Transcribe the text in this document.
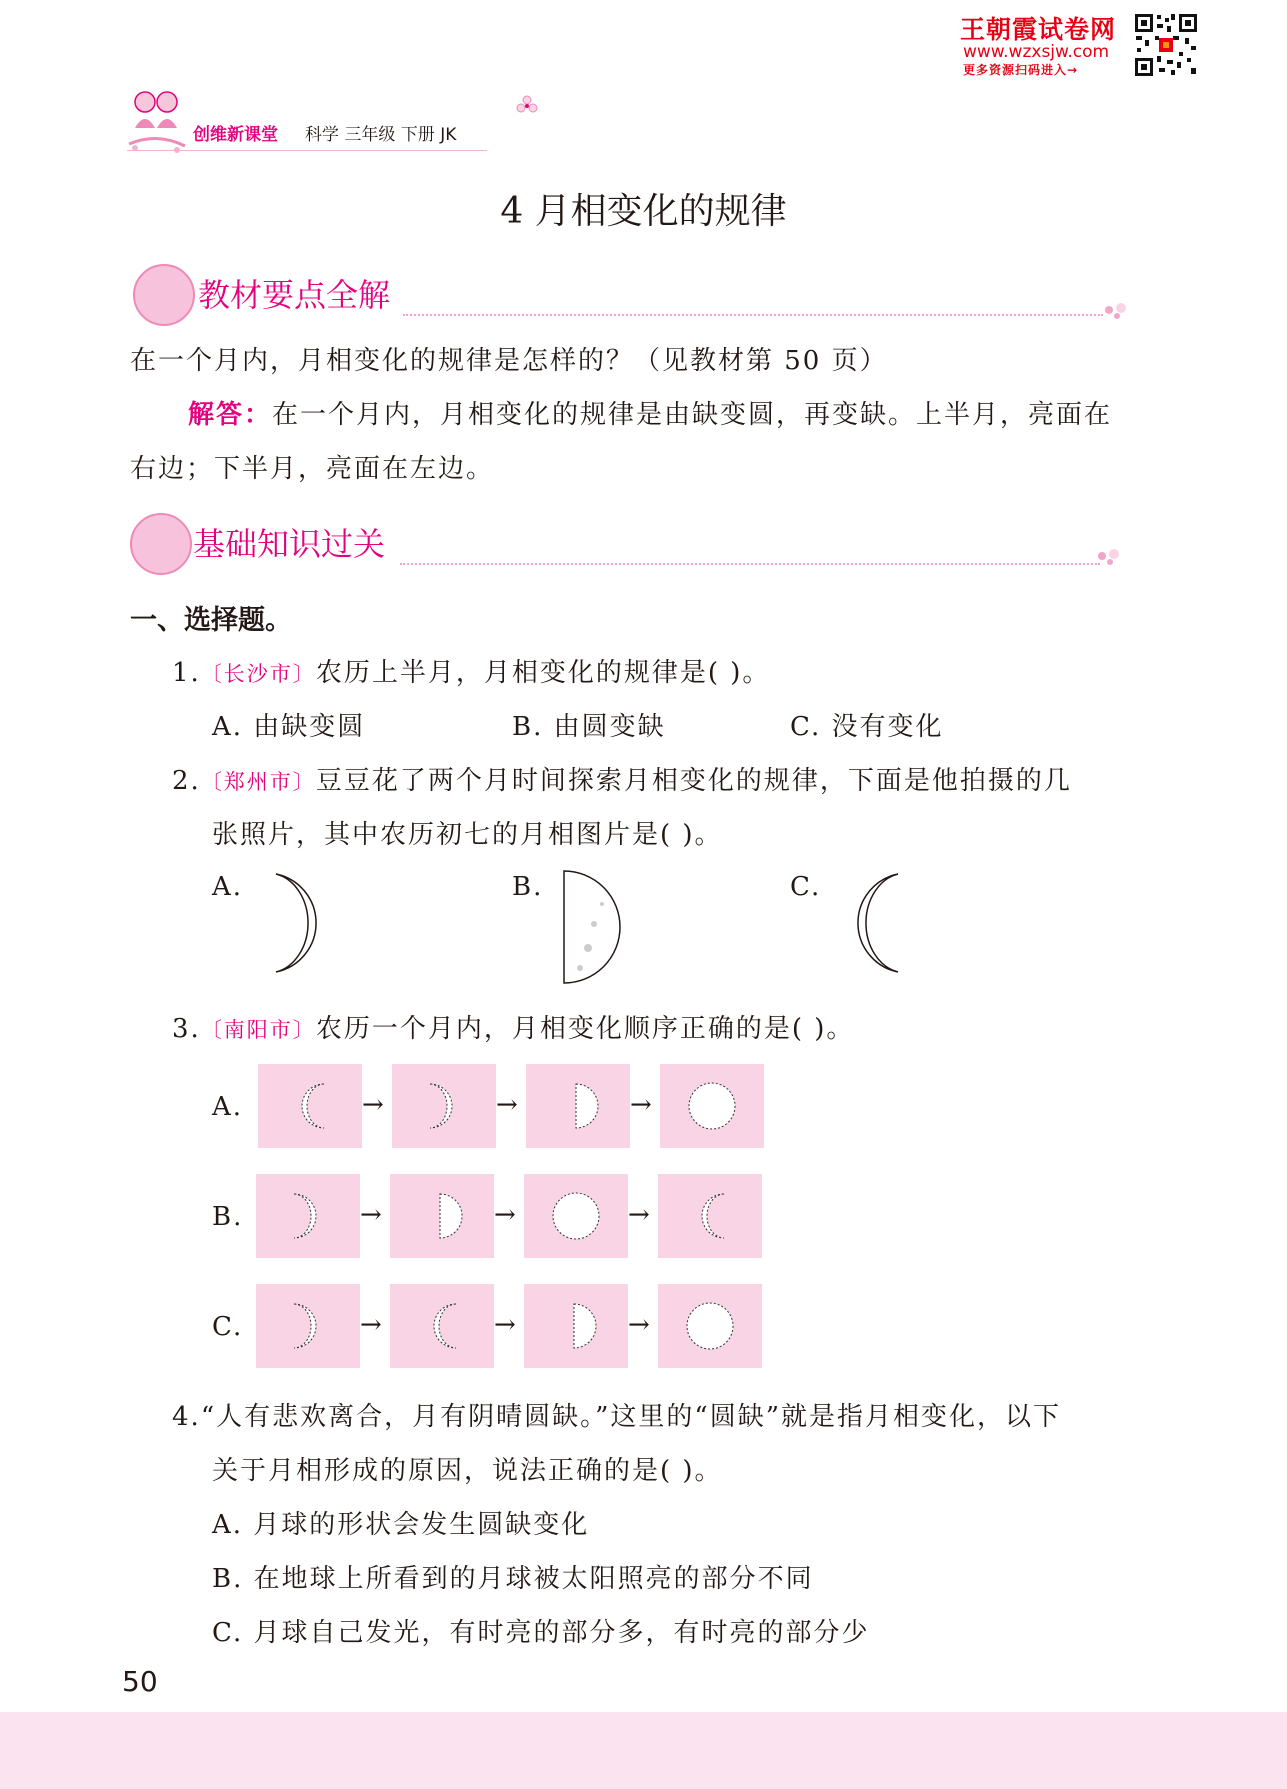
王朝霞试卷网
www.wzxsjw.com
更多资源扫码进入→
创维新课堂 科学 三年级 下册 JK
4 月相变化的规律
教材要点全解
在一个月内，月相变化的规律是怎样的？（见教材第 50 页）
解答：在一个月内，月相变化的规律是由缺变圆，再变缺。上半月，亮面在
右边；下半月，亮面在左边。
基础知识过关
一、选择题。
1.〔长沙市〕农历上半月，月相变化的规律是( )。
A. 由缺变圆	B. 由圆变缺	C. 没有变化
2.〔郑州市〕豆豆花了两个月时间探索月相变化的规律，下面是他拍摄的几
张照片，其中农历初七的月相图片是( )。
A.	B.	C.
3.〔南阳市〕农历一个月内，月相变化顺序正确的是( )。
A.	→	→	→
B.	→	→	→
C.	→	→	→
4.“人有悲欢离合，月有阴晴圆缺。”这里的“圆缺”就是指月相变化，以下
关于月相形成的原因，说法正确的是( )。
A. 月球的形状会发生圆缺变化
B. 在地球上所看到的月球被太阳照亮的部分不同
C. 月球自己发光，有时亮的部分多，有时亮的部分少
50
